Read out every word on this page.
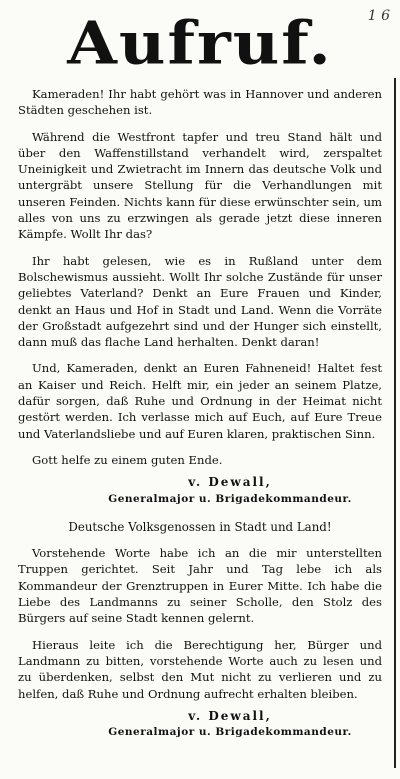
1 6
Aufruf.

Kameraden! Ihr habt gehört was in Hannover und anderen Städten geschehen ist.

Während die Westfront tapfer und treu Stand hält und über den Waffenstillstand verhandelt wird, zerspaltet Uneinigkeit und Zwietracht im Innern das deutsche Volk und untergräbt unsere Stellung für die Verhandlungen mit unseren Feinden. Nichts kann für diese erwünschter sein, um alles von uns zu erzwingen als gerade jetzt diese inneren Kämpfe. Wollt Ihr das?

Ihr habt gelesen, wie es in Rußland unter dem Bolschewismus aussieht. Wollt Ihr solche Zustände für unser geliebtes Vaterland? Denkt an Eure Frauen und Kinder, denkt an Haus und Hof in Stadt und Land. Wenn die Vorräte der Großstadt aufgezehrt sind und der Hunger sich einstellt, dann muß das flache Land herhalten. Denkt daran!

Und, Kameraden, denkt an Euren Fahneneid! Haltet fest an Kaiser und Reich. Helft mir, ein jeder an seinem Platze, dafür sorgen, daß Ruhe und Ordnung in der Heimat nicht gestört werden. Ich verlasse mich auf Euch, auf Eure Treue und Vaterlandsliebe und auf Euren klaren, praktischen Sinn.

Gott helfe zu einem guten Ende.

v. Dewall,
Generalmajor u. Brigadekommandeur.
Deutsche Volksgenossen in Stadt und Land!

Vorstehende Worte habe ich an die mir unterstellten Truppen gerichtet. Seit Jahr und Tag lebe ich als Kommandeur der Grenztruppen in Eurer Mitte. Ich habe die Liebe des Landmanns zu seiner Scholle, den Stolz des Bürgers auf seine Stadt kennen gelernt.

Hieraus leite ich die Berechtigung her, Bürger und Landmann zu bitten, vorstehende Worte auch zu lesen und zu überdenken, selbst den Mut nicht zu verlieren und zu helfen, daß Ruhe und Ordnung aufrecht erhalten bleiben.

v. Dewall,
Generalmajor u. Brigadekommandeur.
